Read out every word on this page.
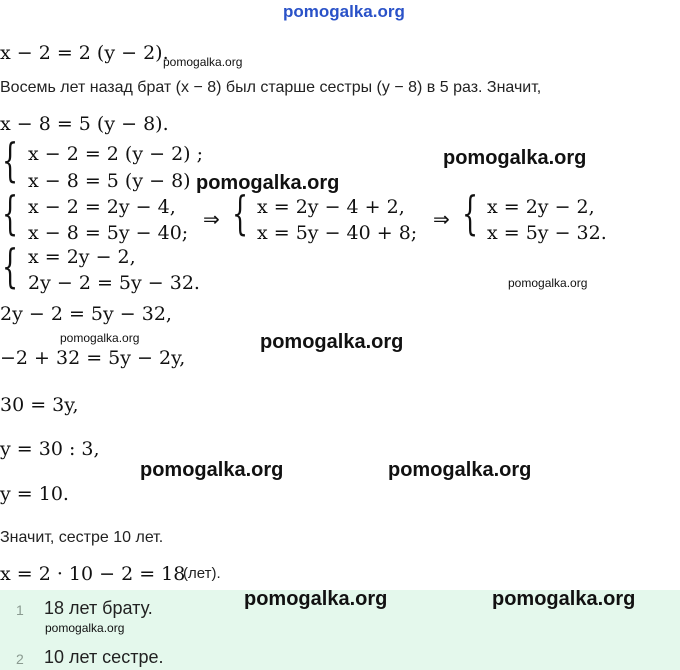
pomogalka.org
x − 2 = 2 (y − 2).
pomogalka.org
Восемь лет назад брат (x − 8) был старше сестры (y − 8) в 5 раз. Значит,
x − 8 = 5 (y − 8).
{ x − 2 = 2 (y − 2) ;
x − 8 = 5 (y − 8) .
pomogalka.org
pomogalka.org
{ x − 2 = 2y − 4,
x − 8 = 5y − 40;
⇒ { x = 2y − 4 + 2,
x = 5y − 40 + 8;
⇒ { x = 2y − 2,
x = 5y − 32.
{ x = 2y − 2,
2y − 2 = 5y − 32.	pomogalka.org
2y − 2 = 5y − 32,
pomogalka.org	pomogalka.org
−2 + 32 = 5y − 2y,
30 = 3y,
y = 30 : 3,
pomogalka.org	pomogalka.org
y = 10.
Значит, сестре 10 лет.
x = 2 · 10 − 2 = 18
(лет).
1 18 лет брату.
pomogalka.org
pomogalka.org	pomogalka.org
2 10 лет сестре.
